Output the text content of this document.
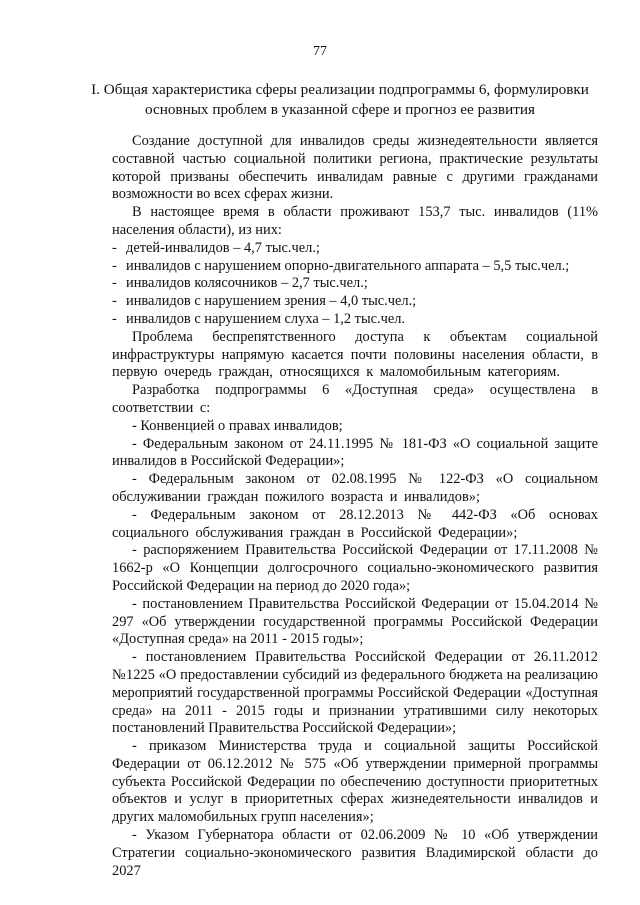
77
I. Общая характеристика сферы реализации подпрограммы 6, формулировки основных проблем в указанной сфере и прогноз ее развития

Создание доступной для инвалидов среды жизнедеятельности является составной частью социальной политики региона, практические результаты которой призваны обеспечить инвалидам равные с другими гражданами возможности во всех сферах жизни.

В настоящее время в области проживают 153,7 тыс. инвалидов (11% населения области), из них:

- детей-инвалидов – 4,7 тыс.чел.;
- инвалидов с нарушением опорно-двигательного аппарата – 5,5 тыс.чел.;
- инвалидов колясочников – 2,7 тыс.чел.;
- инвалидов с нарушением зрения – 4,0 тыс.чел.;
- инвалидов с нарушением слуха – 1,2 тыс.чел.

Проблема беспрепятственного доступа к объектам социальной инфраструктуры напрямую касается почти половины населения области, в первую очередь граждан, относящихся к маломобильным категориям.

Разработка подпрограммы 6 «Доступная среда» осуществлена в соответствии с:

- Конвенцией о правах инвалидов;

- Федеральным законом от 24.11.1995 № 181-ФЗ «О социальной защите инвалидов в Российской Федерации»;

- Федеральным законом от 02.08.1995 № 122-ФЗ «О социальном обслуживании граждан пожилого возраста и инвалидов»;

- Федеральным законом от 28.12.2013 № 442-ФЗ «Об основах социального обслуживания граждан в Российской Федерации»;

- распоряжением Правительства Российской Федерации от 17.11.2008 № 1662-р «О Концепции долгосрочного социально-экономического развития Российской Федерации на период до 2020 года»;

- постановлением Правительства Российской Федерации от 15.04.2014 № 297 «Об утверждении государственной программы Российской Федерации «Доступная среда» на 2011 - 2015 годы»;

- постановлением Правительства Российской Федерации от 26.11.2012 №1225 «О предоставлении субсидий из федерального бюджета на реализацию мероприятий государственной программы Российской Федерации «Доступная среда» на 2011 - 2015 годы и признании утратившими силу некоторых постановлений Правительства Российской Федерации»;

- приказом Министерства труда и социальной защиты Российской Федерации от 06.12.2012 № 575 «Об утверждении примерной программы субъекта Российской Федерации по обеспечению доступности приоритетных объектов и услуг в приоритетных сферах жизнедеятельности инвалидов и других маломобильных групп населения»;

- Указом Губернатора области от 02.06.2009 № 10 «Об утверждении Стратегии социально-экономического развития Владимирской области до 2027
